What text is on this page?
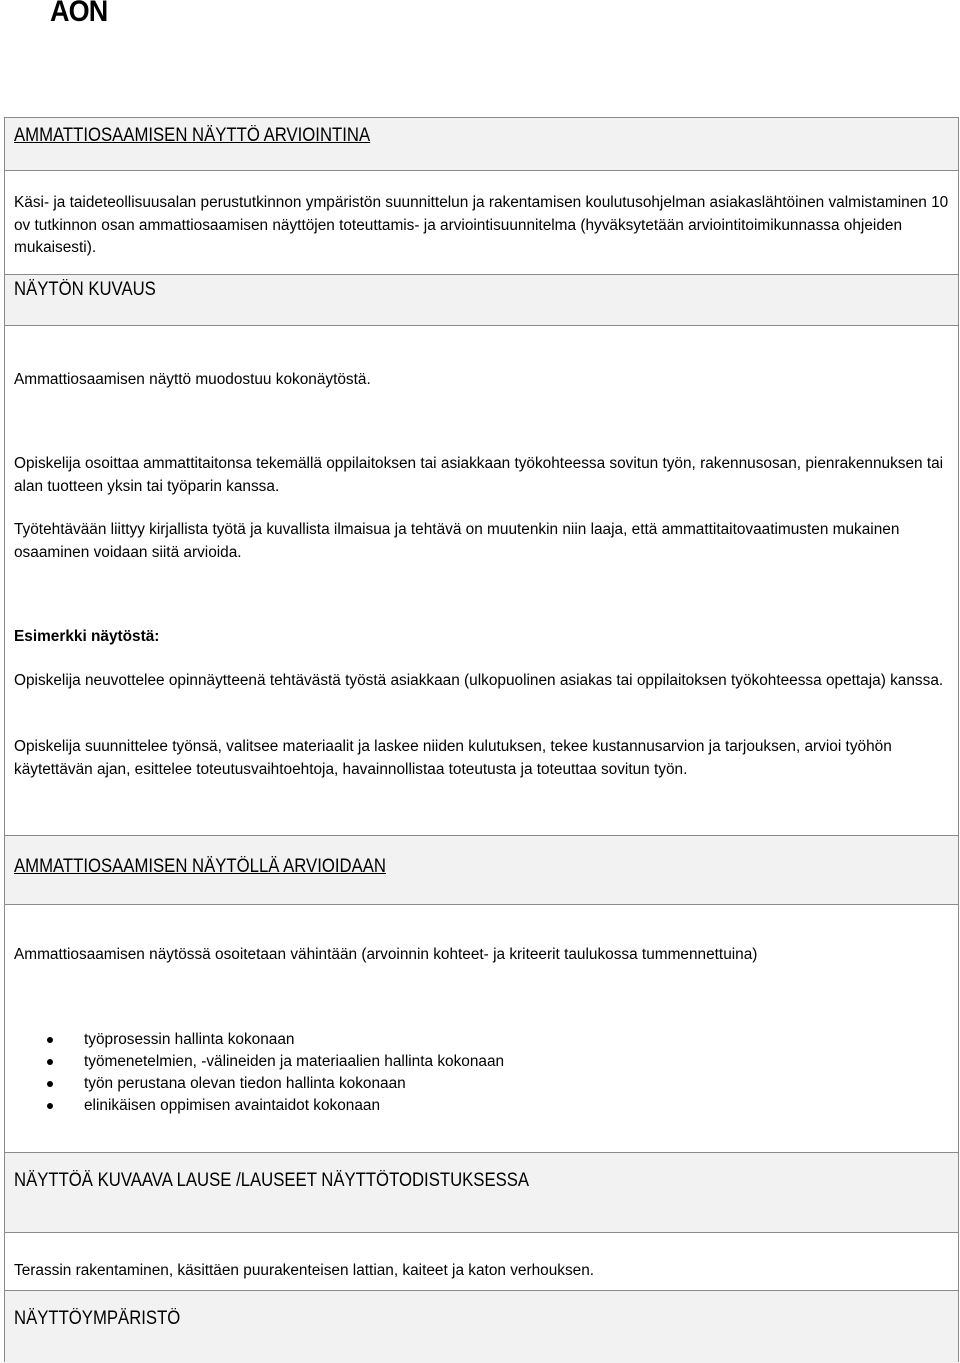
AON
AMMATTIOSAAMISEN NÄYTTÖ ARVIOINTINA
Käsi- ja taideteollisuusalan perustutkinnon ympäristön suunnittelun ja rakentamisen koulutusohjelman asiakaslähtöinen valmistaminen 10 ov tutkinnon osan ammattiosaamisen näyttöjen toteuttamis- ja arviointisuunnitelma (hyväksytetään arviointitoimikunnassa ohjeiden mukaisesti).
NÄYTÖN KUVAUS
Ammattiosaamisen näyttö muodostuu kokonäytöstä.
Opiskelija osoittaa ammattitaitonsa tekemällä oppilaitoksen tai asiakkaan työkohteessa sovitun työn, rakennusosan, pienrakennuksen tai alan tuotteen yksin tai työparin kanssa.
Työtehtävään liittyy kirjallista työtä ja kuvallista ilmaisua ja tehtävä on muutenkin niin laaja, että ammattitaitovaatimusten mukainen osaaminen voidaan siitä arvioida.
Esimerkki näytöstä:
Opiskelija neuvottelee opinnäytteenä tehtävästä työstä asiakkaan (ulkopuolinen asiakas tai oppilaitoksen työkohteessa opettaja) kanssa.
Opiskelija suunnittelee työnsä, valitsee materiaalit ja laskee niiden kulutuksen, tekee kustannusarvion ja tarjouksen, arvioi työhön käytettävän ajan, esittelee toteutusvaihtoehtoja, havainnollistaa toteutusta ja toteuttaa sovitun työn.
AMMATTIOSAAMISEN NÄYTÖLLÄ ARVIOIDAAN
Ammattiosaamisen näytössä osoitetaan vähintään (arvoinnin kohteet- ja kriteerit taulukossa tummennettuina)
työprosessin hallinta kokonaan
työmenetelmien, -välineiden ja materiaalien hallinta kokonaan
työn perustana olevan tiedon hallinta kokonaan
elinikäisen oppimisen avaintaidot kokonaan
NÄYTTÖÄ KUVAAVA LAUSE /LAUSEET NÄYTTÖTODISTUKSESSA
Terassin rakentaminen, käsittäen puurakenteisen lattian, kaiteet ja katon verhouksen.
NÄYTTÖYMPÄRISTÖ
